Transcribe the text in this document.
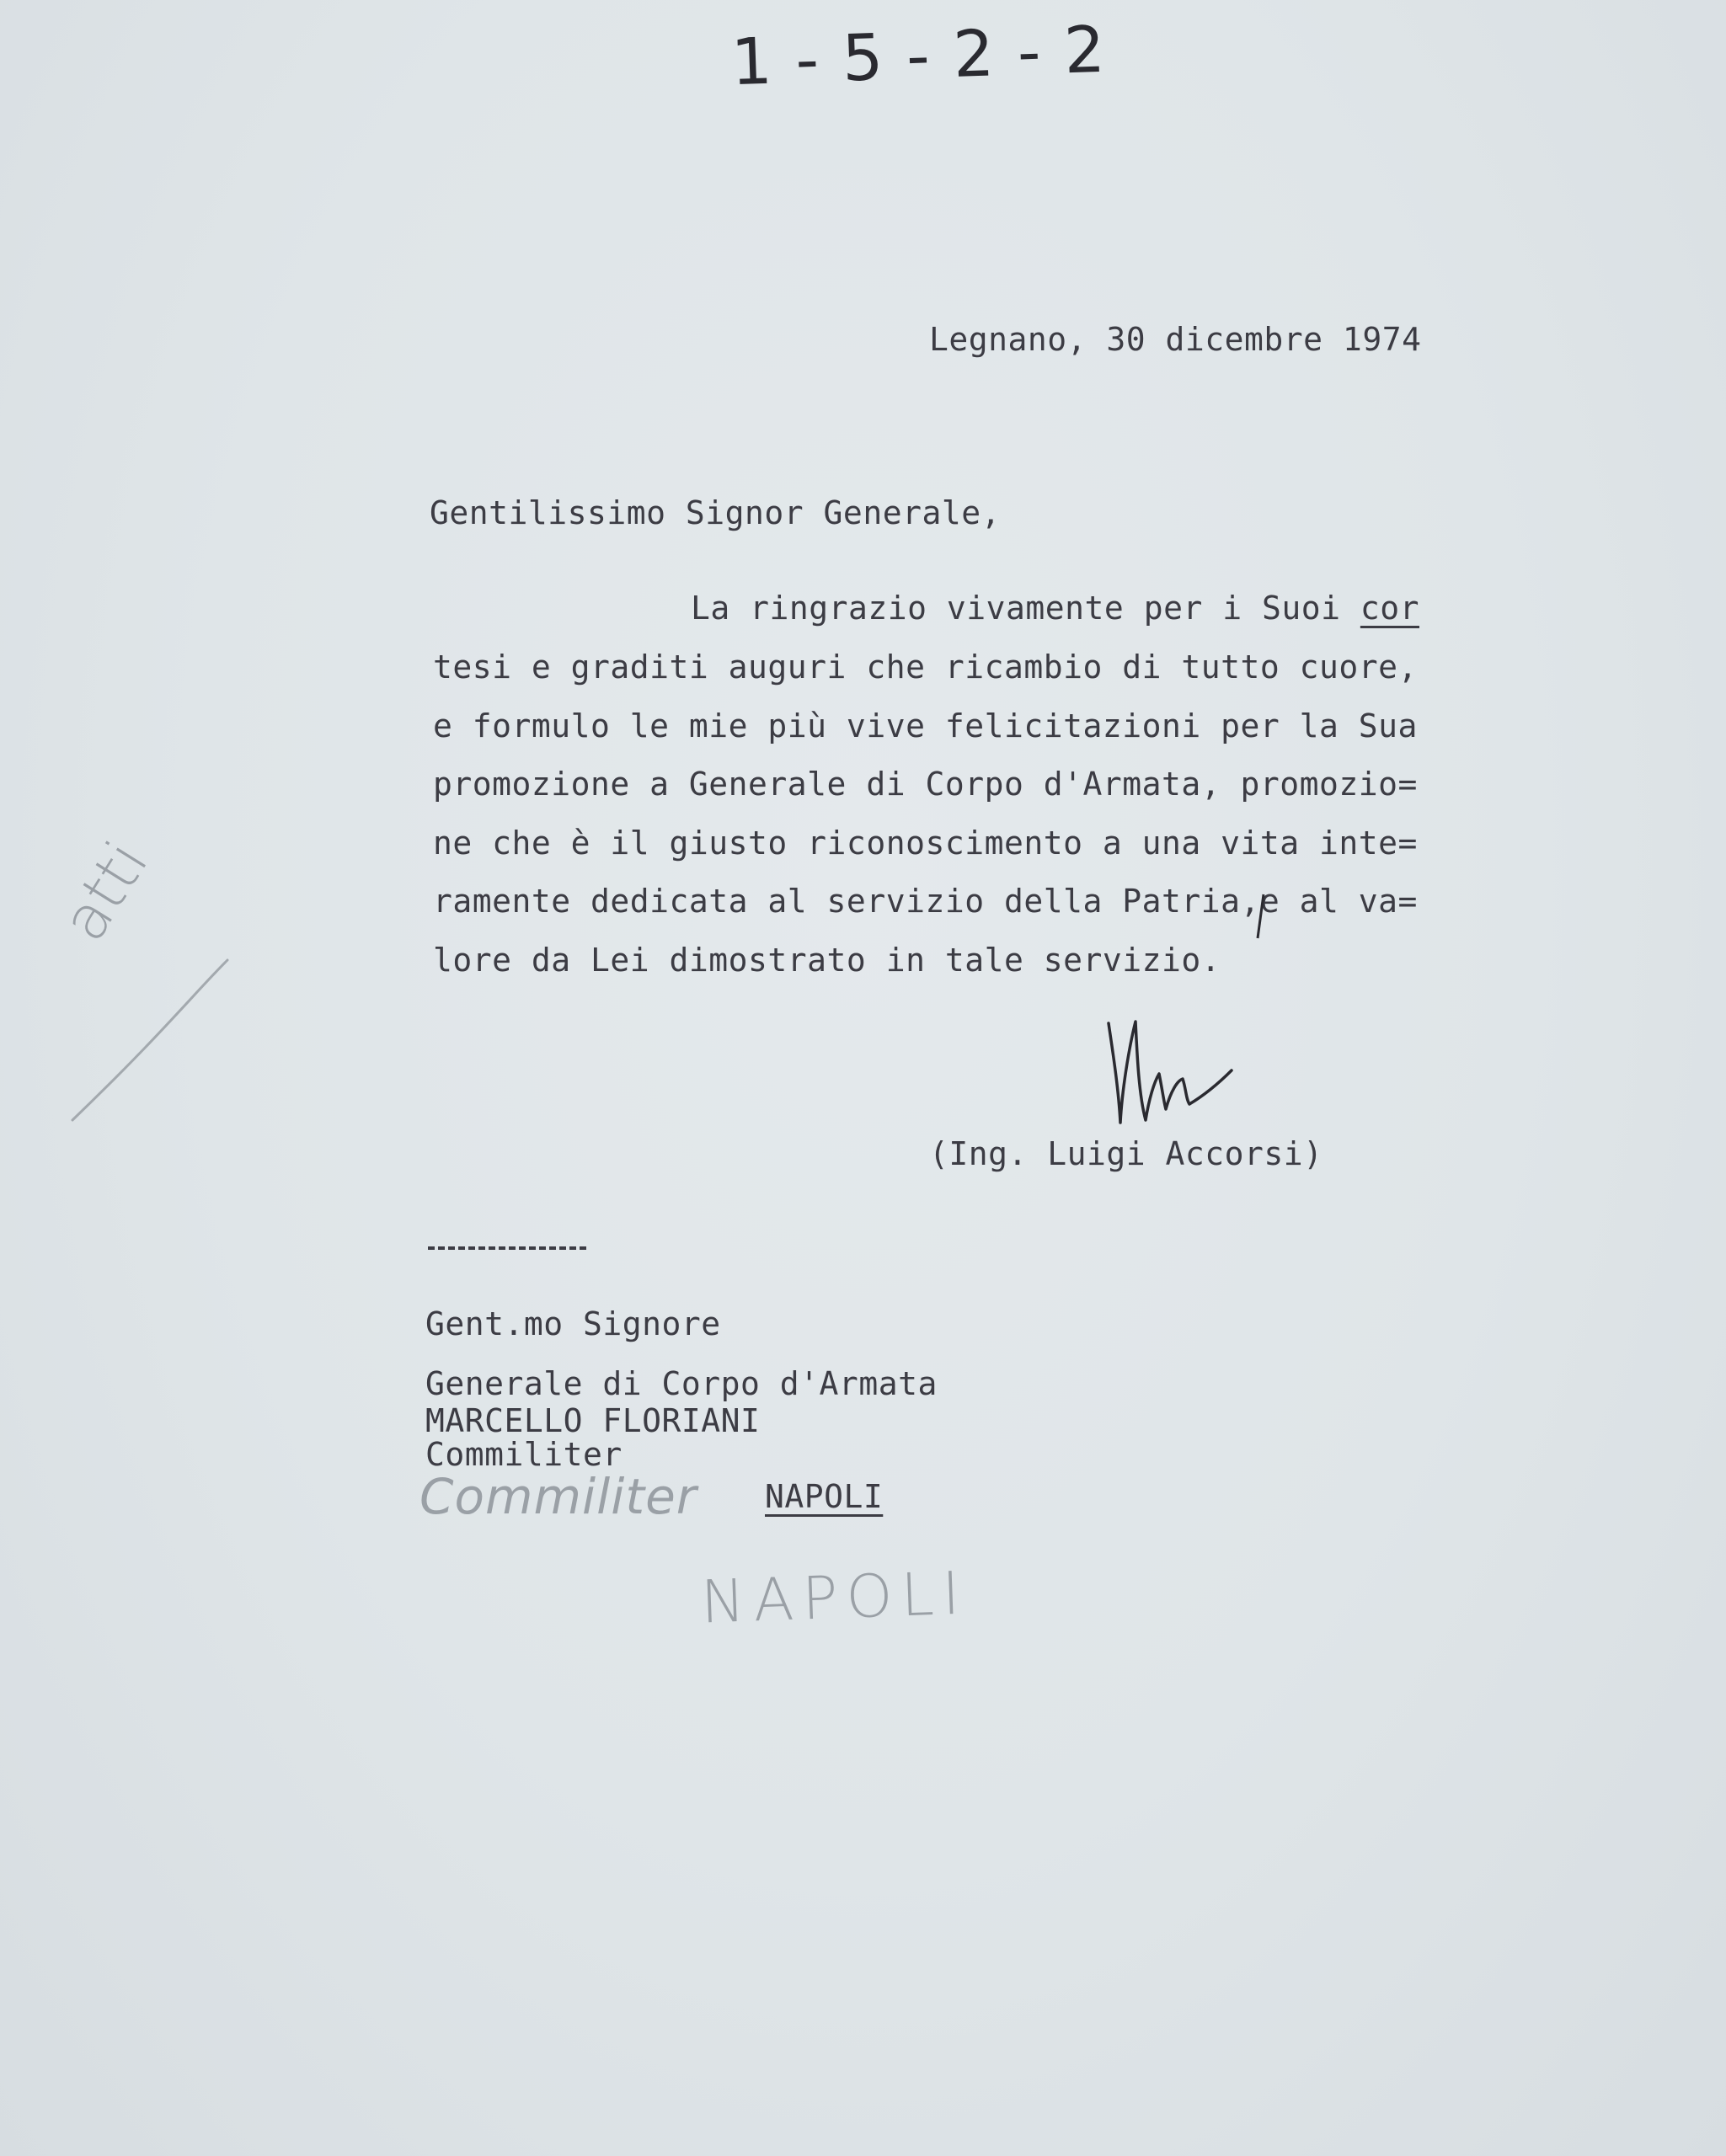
1-5-2-2
Legnano, 30 dicembre 1974
Gentilissimo Signor Generale,
La ringrazio vivamente per i Suoi cor
tesi e graditi auguri che ricambio di tutto cuore,
e formulo le mie più vive felicitazioni per la Sua
promozione a Generale di Corpo d'Armata, promozio=
ne che è il giusto riconoscimento a una vita inte=
ramente dedicata al servizio della Patria,e al va=
lore da Lei dimostrato in tale servizio.
(Ing. Luigi Accorsi)
Gent.mo Signore
Generale di Corpo d'Armata
MARCELLO FLORIANI
Commiliter
NAPOLI
atti
Commiliter
NAPOLI
